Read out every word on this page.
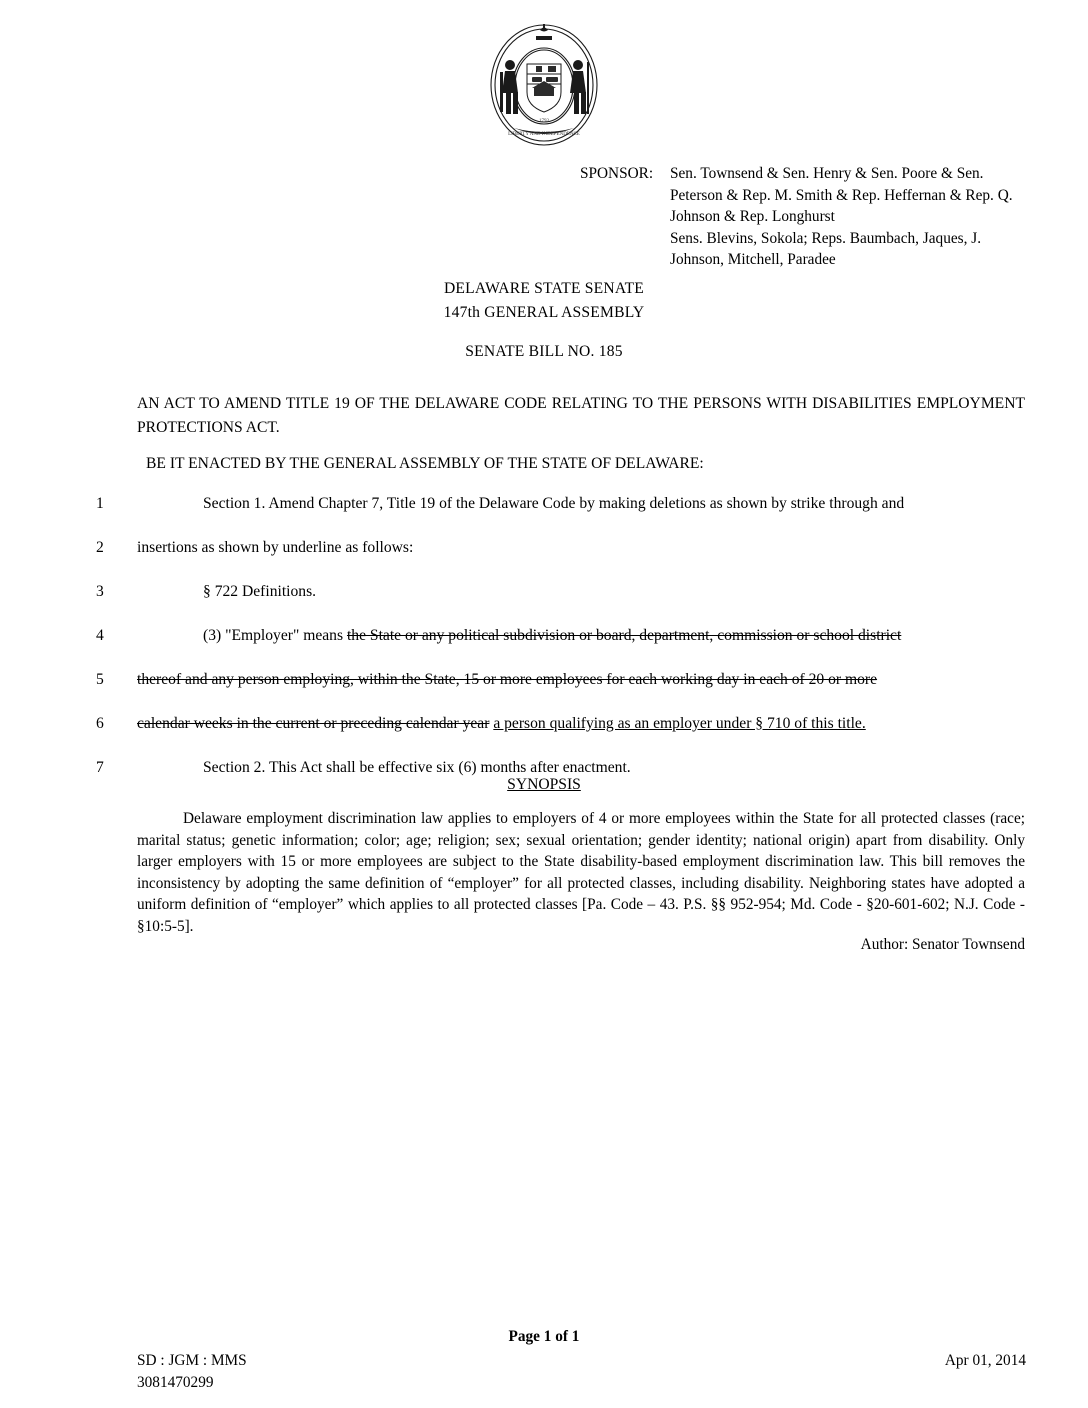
LIBERTY AND INDEPENDENCE
1793
SPONSOR:	Sen. Townsend & Sen. Henry & Sen. Poore & Sen.
Peterson & Rep. M. Smith & Rep. Heffernan & Rep. Q.
Johnson & Rep. Longhurst
Sens. Blevins, Sokola; Reps. Baumbach, Jaques, J.
Johnson, Mitchell, Paradee
DELAWARE STATE SENATE
147th GENERAL ASSEMBLY
SENATE BILL NO. 185
AN ACT TO AMEND TITLE 19 OF THE DELAWARE CODE RELATING TO THE PERSONS WITH DISABILITIES EMPLOYMENT PROTECTIONS ACT.
BE IT ENACTED BY THE GENERAL ASSEMBLY OF THE STATE OF DELAWARE:
1	Section 1. Amend Chapter 7, Title 19 of the Delaware Code by making deletions as shown by strike through and
2	insertions as shown by underline as follows:
3	§ 722 Definitions.
4	(3) "Employer" means the State or any political subdivision or board, department, commission or school district
5	thereof and any person employing, within the State, 15 or more employees for each working day in each of 20 or more
6	calendar weeks in the current or preceding calendar year a person qualifying as an employer under § 710 of this title.
7	Section 2. This Act shall be effective six (6) months after enactment.
SYNOPSIS

Delaware employment discrimination law applies to employers of 4 or more employees within the State for all protected classes (race; marital status; genetic information; color; age; religion; sex; sexual orientation; gender identity; national origin) apart from disability. Only larger employers with 15 or more employees are subject to the State disability-based employment discrimination law. This bill removes the inconsistency by adopting the same definition of “employer” for all protected classes, including disability. Neighboring states have adopted a uniform definition of “employer” which applies to all protected classes [Pa. Code – 43. P.S. §§ 952-954; Md. Code - §20-601-602; N.J. Code - §10:5-5].

Author: Senator Townsend
Page 1 of 1
SD : JGM : MMS
3081470299
Apr 01, 2014
